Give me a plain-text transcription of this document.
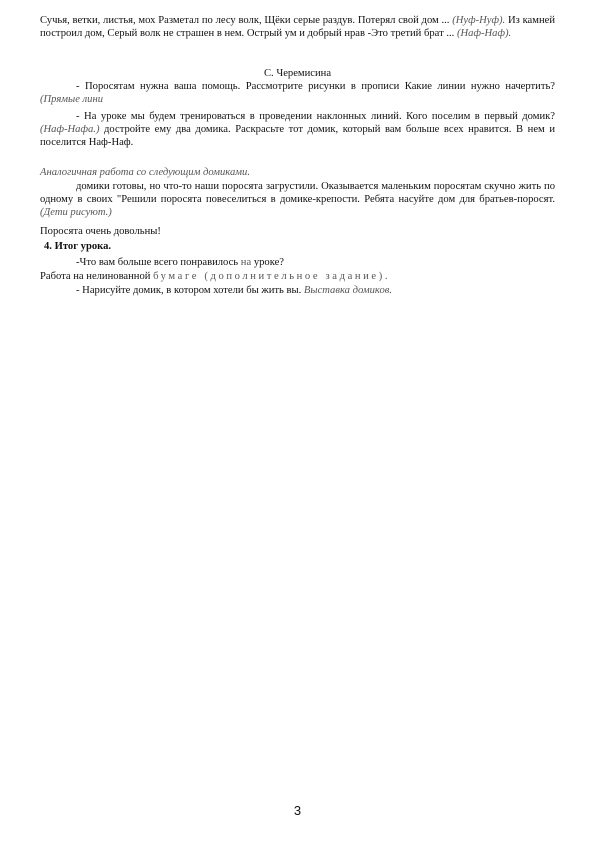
Сучья, ветки, листья, мох Разметал по лесу волк, Щёки серые раздув. Потерял свой дом ... (Нуф-Нуф). Из камней построил дом, Серый волк не страшен в нем. Острый ум и добрый нрав -Это третий брат ... (Наф-Наф).
С. Черемисина
- Поросятам нужна ваша помощь. Рассмотрите рисунки в прописи Какие линии нужно начертить? (Прямые лини
- На уроке мы будем тренироваться в проведении наклонных линий. Кого поселим в первый домик? (Наф-Нафа.) достройте ему два домика. Раскрасьте тот домик, который вам больше всех нравится. В нем и поселится Наф-Наф.
Аналогичная работа со следующим домиками.
домики готовы, но что-то наши поросята загрустили. Оказывается маленьким поросятам скучно жить по одному в своих "Решили поросята повеселиться в домике-крепости. Ребята насуйте дом для братьев-поросят. (Дети рисуют.)
Поросята очень довольны!
4. Итог урока.
-Что вам больше всего понравилось на уроке?
Работа на нелинованной бумаге (дополнительное задание).
- Нарисуйте домик, в котором хотели бы жить вы. Выставка домиков.
3
